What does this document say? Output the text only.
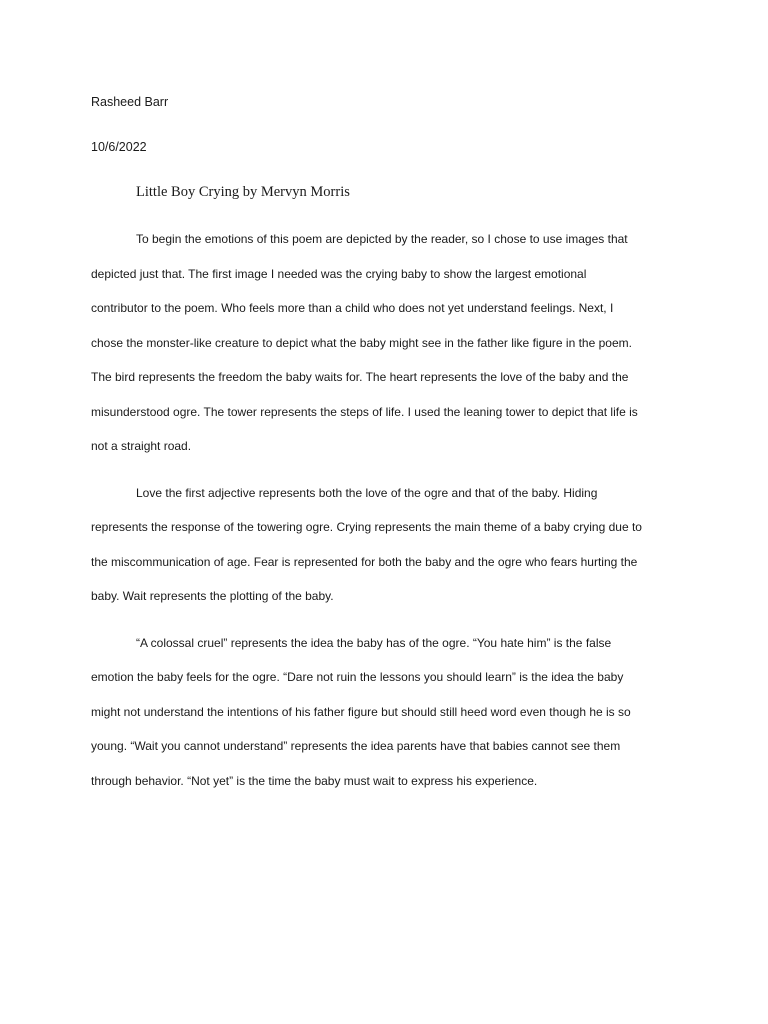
Rasheed Barr
10/6/2022
Little Boy Crying by Mervyn Morris

To begin the emotions of this poem are depicted by the reader, so I chose to use images that
depicted just that. The first image I needed was the crying baby to show the largest emotional
contributor to the poem. Who feels more than a child who does not yet understand feelings. Next, I
chose the monster-like creature to depict what the baby might see in the father like figure in the poem.
The bird represents the freedom the baby waits for. The heart represents the love of the baby and the
misunderstood ogre. The tower represents the steps of life. I used the leaning tower to depict that life is
not a straight road.

Love the first adjective represents both the love of the ogre and that of the baby. Hiding
represents the response of the towering ogre. Crying represents the main theme of a baby crying due to
the miscommunication of age. Fear is represented for both the baby and the ogre who fears hurting the
baby. Wait represents the plotting of the baby.

“A colossal cruel” represents the idea the baby has of the ogre. “You hate him” is the false
emotion the baby feels for the ogre. “Dare not ruin the lessons you should learn” is the idea the baby
might not understand the intentions of his father figure but should still heed word even though he is so
young. “Wait you cannot understand” represents the idea parents have that babies cannot see them
through behavior. “Not yet” is the time the baby must wait to express his experience.
